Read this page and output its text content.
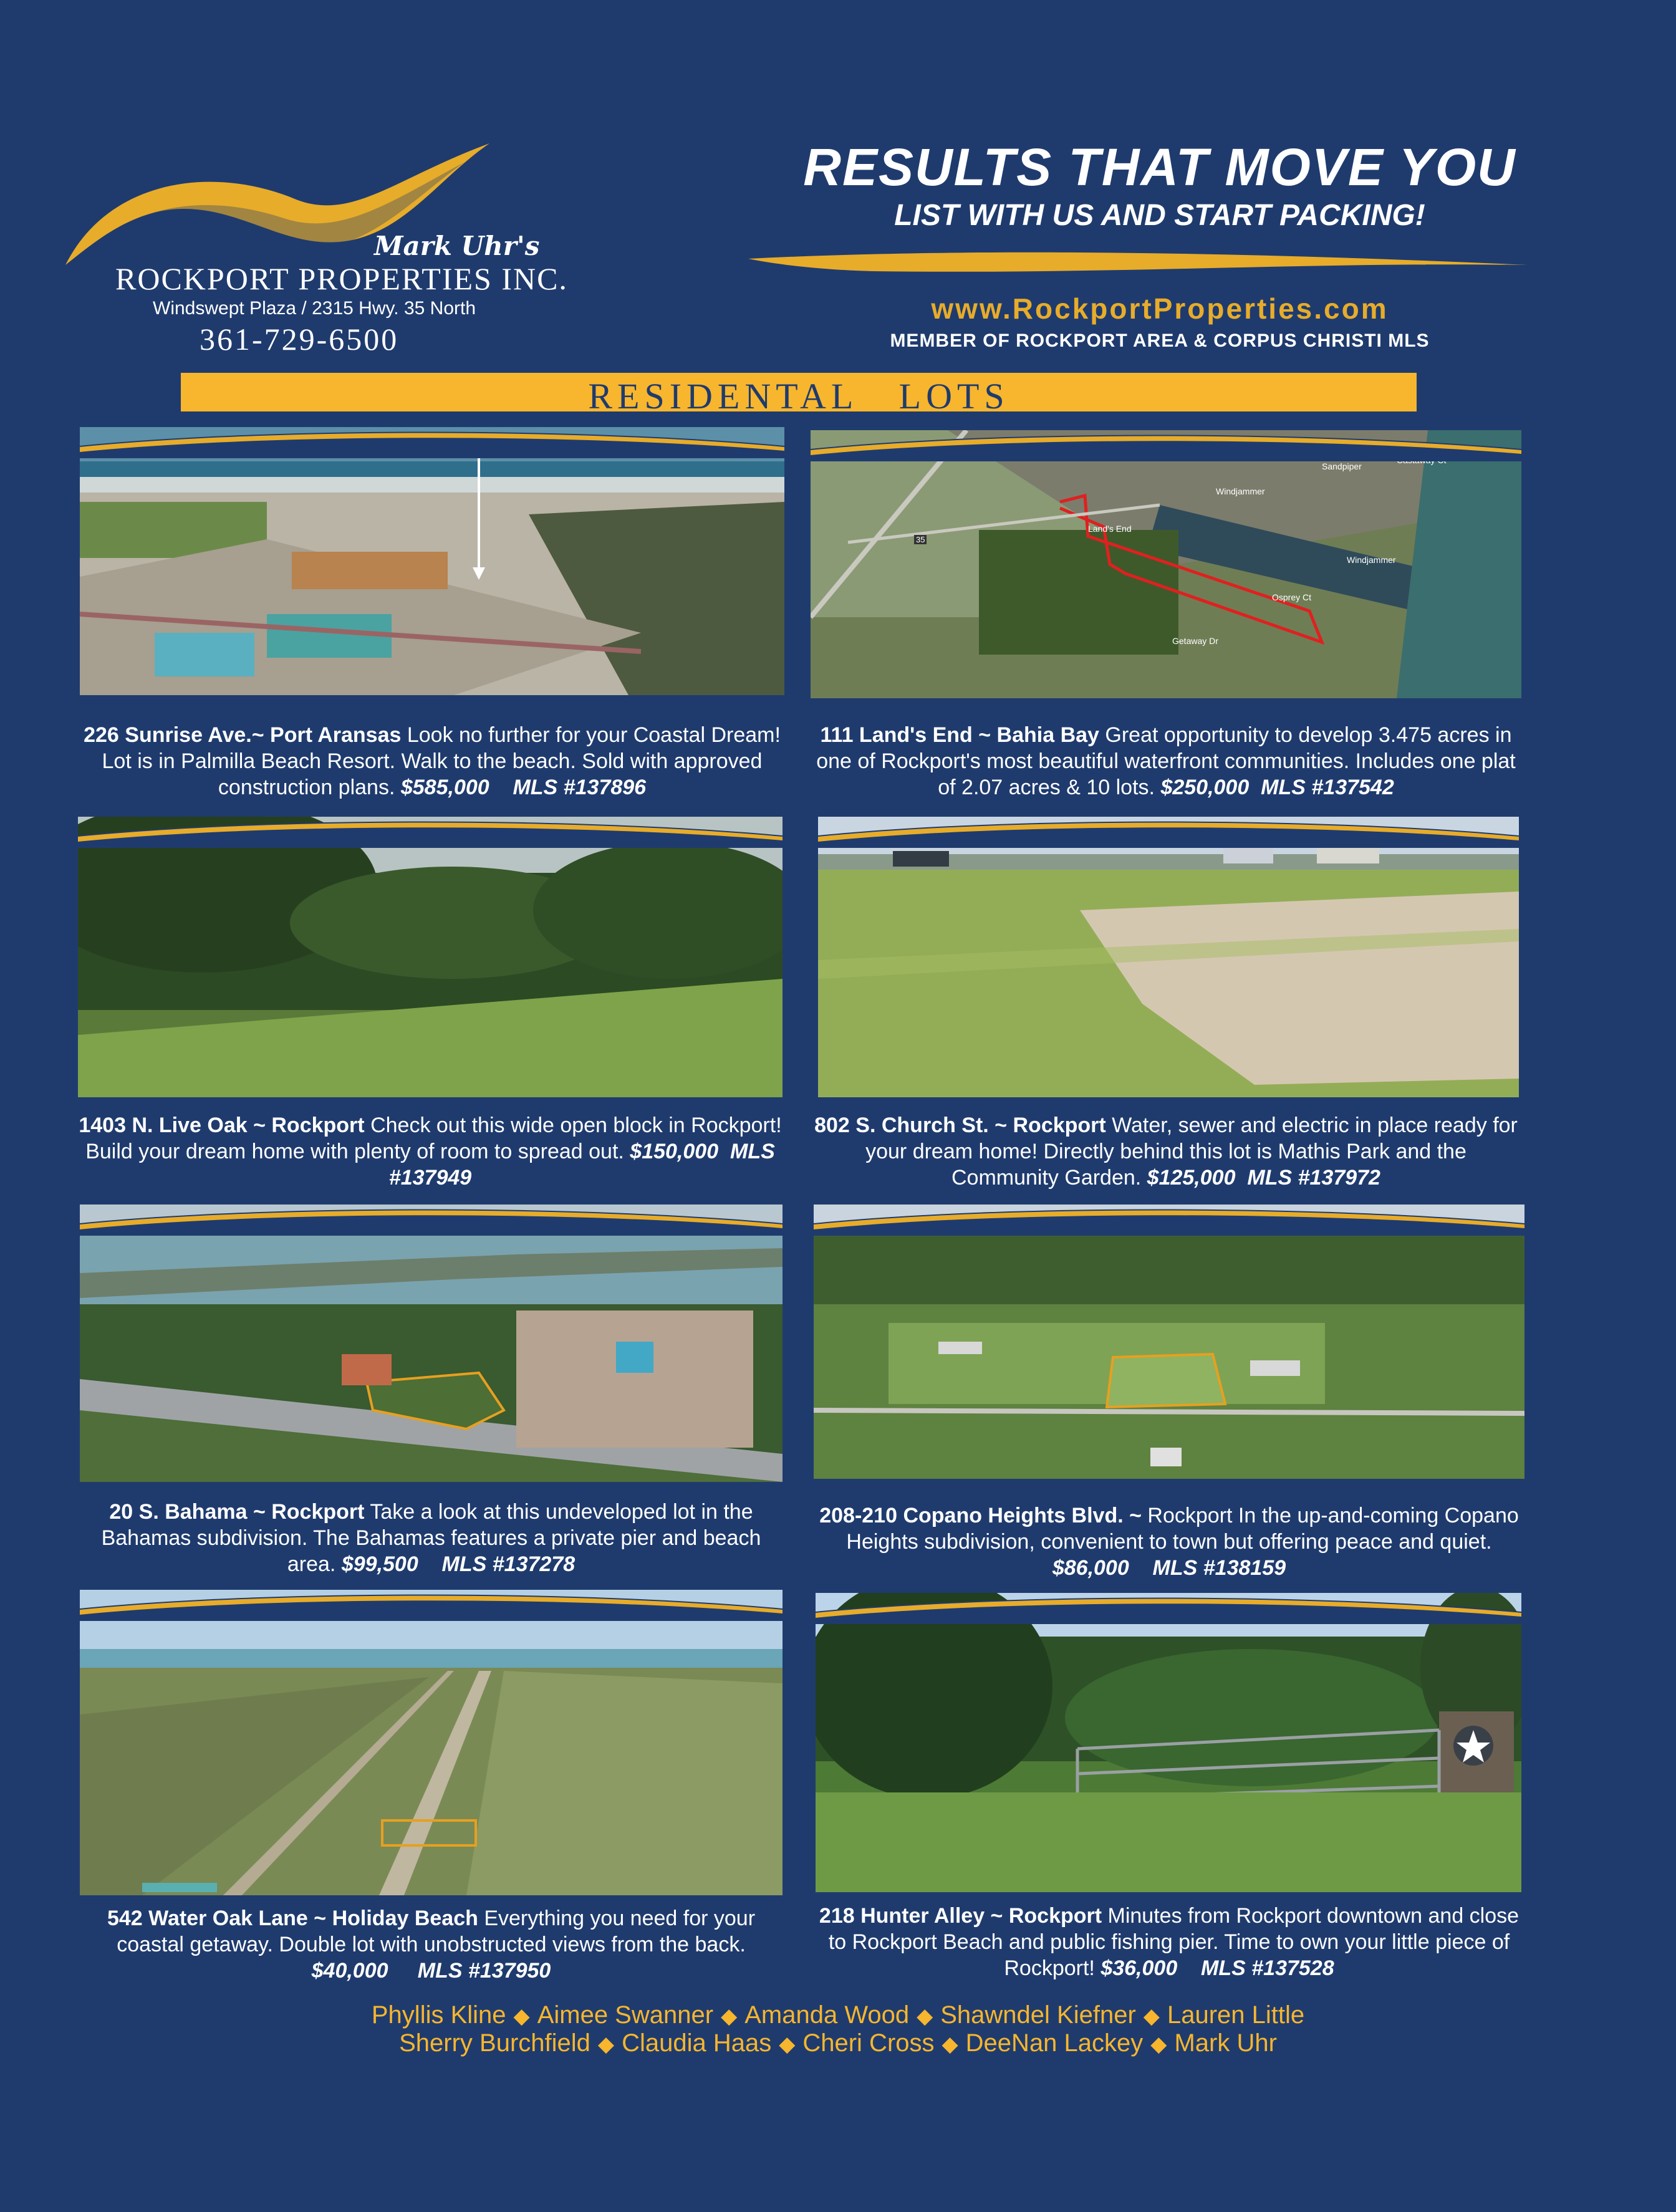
Mark Uhr's
ROCKPORT PROPERTIES INC.
Windswept Plaza / 2315 Hwy. 35 North
361-729-6500
RESULTS THAT MOVE YOU
LIST WITH US AND START PACKING!
www.RockportProperties.com
MEMBER OF ROCKPORT AREA & CORPUS CHRISTI MLS
RESIDENTAL   LOTS
Land's End
Windjammer
Windjammer
Getaway Dr
Sandpiper
Osprey Ct
35
226 Sunrise Ave.~ Port Aransas Look no further for your Coastal Dream! Lot is in Palmilla Beach Resort. Walk to the beach. Sold with approved construction plans. $585,000 MLS #137896
111 Land's End ~ Bahia Bay Great opportunity to develop 3.475 acres in one of Rockport's most beautiful waterfront communities. Includes one plat of 2.07 acres & 10 lots. $250,000 MLS #137542
1403 N. Live Oak ~ Rockport Check out this wide open block in Rockport! Build your dream home with plenty of room to spread out. $150,000 MLS #137949
802 S. Church St. ~ Rockport Water, sewer and electric in place ready for your dream home! Directly behind this lot is Mathis Park and the Community Garden. $125,000 MLS #137972
20 S. Bahama ~ Rockport Take a look at this undeveloped lot in the Bahamas subdivision. The Bahamas features a private pier and beach area. $99,500 MLS #137278
208-210 Copano Heights Blvd. ~ Rockport In the up-and-coming Copano Heights subdivision, convenient to town but offering peace and quiet. $86,000 MLS #138159
542 Water Oak Lane ~ Holiday Beach Everything you need for your coastal getaway. Double lot with unobstructed views from the back. $40,000 MLS #137950
218 Hunter Alley ~ Rockport Minutes from Rockport downtown and close to Rockport Beach and public fishing pier. Time to own your little piece of Rockport! $36,000 MLS #137528
Phyllis Kline ◆ Aimee Swanner ◆ Amanda Wood ◆ Shawndel Kiefner ◆ Lauren Little
Sherry Burchfield ◆ Claudia Haas ◆ Cheri Cross ◆ DeeNan Lackey ◆ Mark Uhr
